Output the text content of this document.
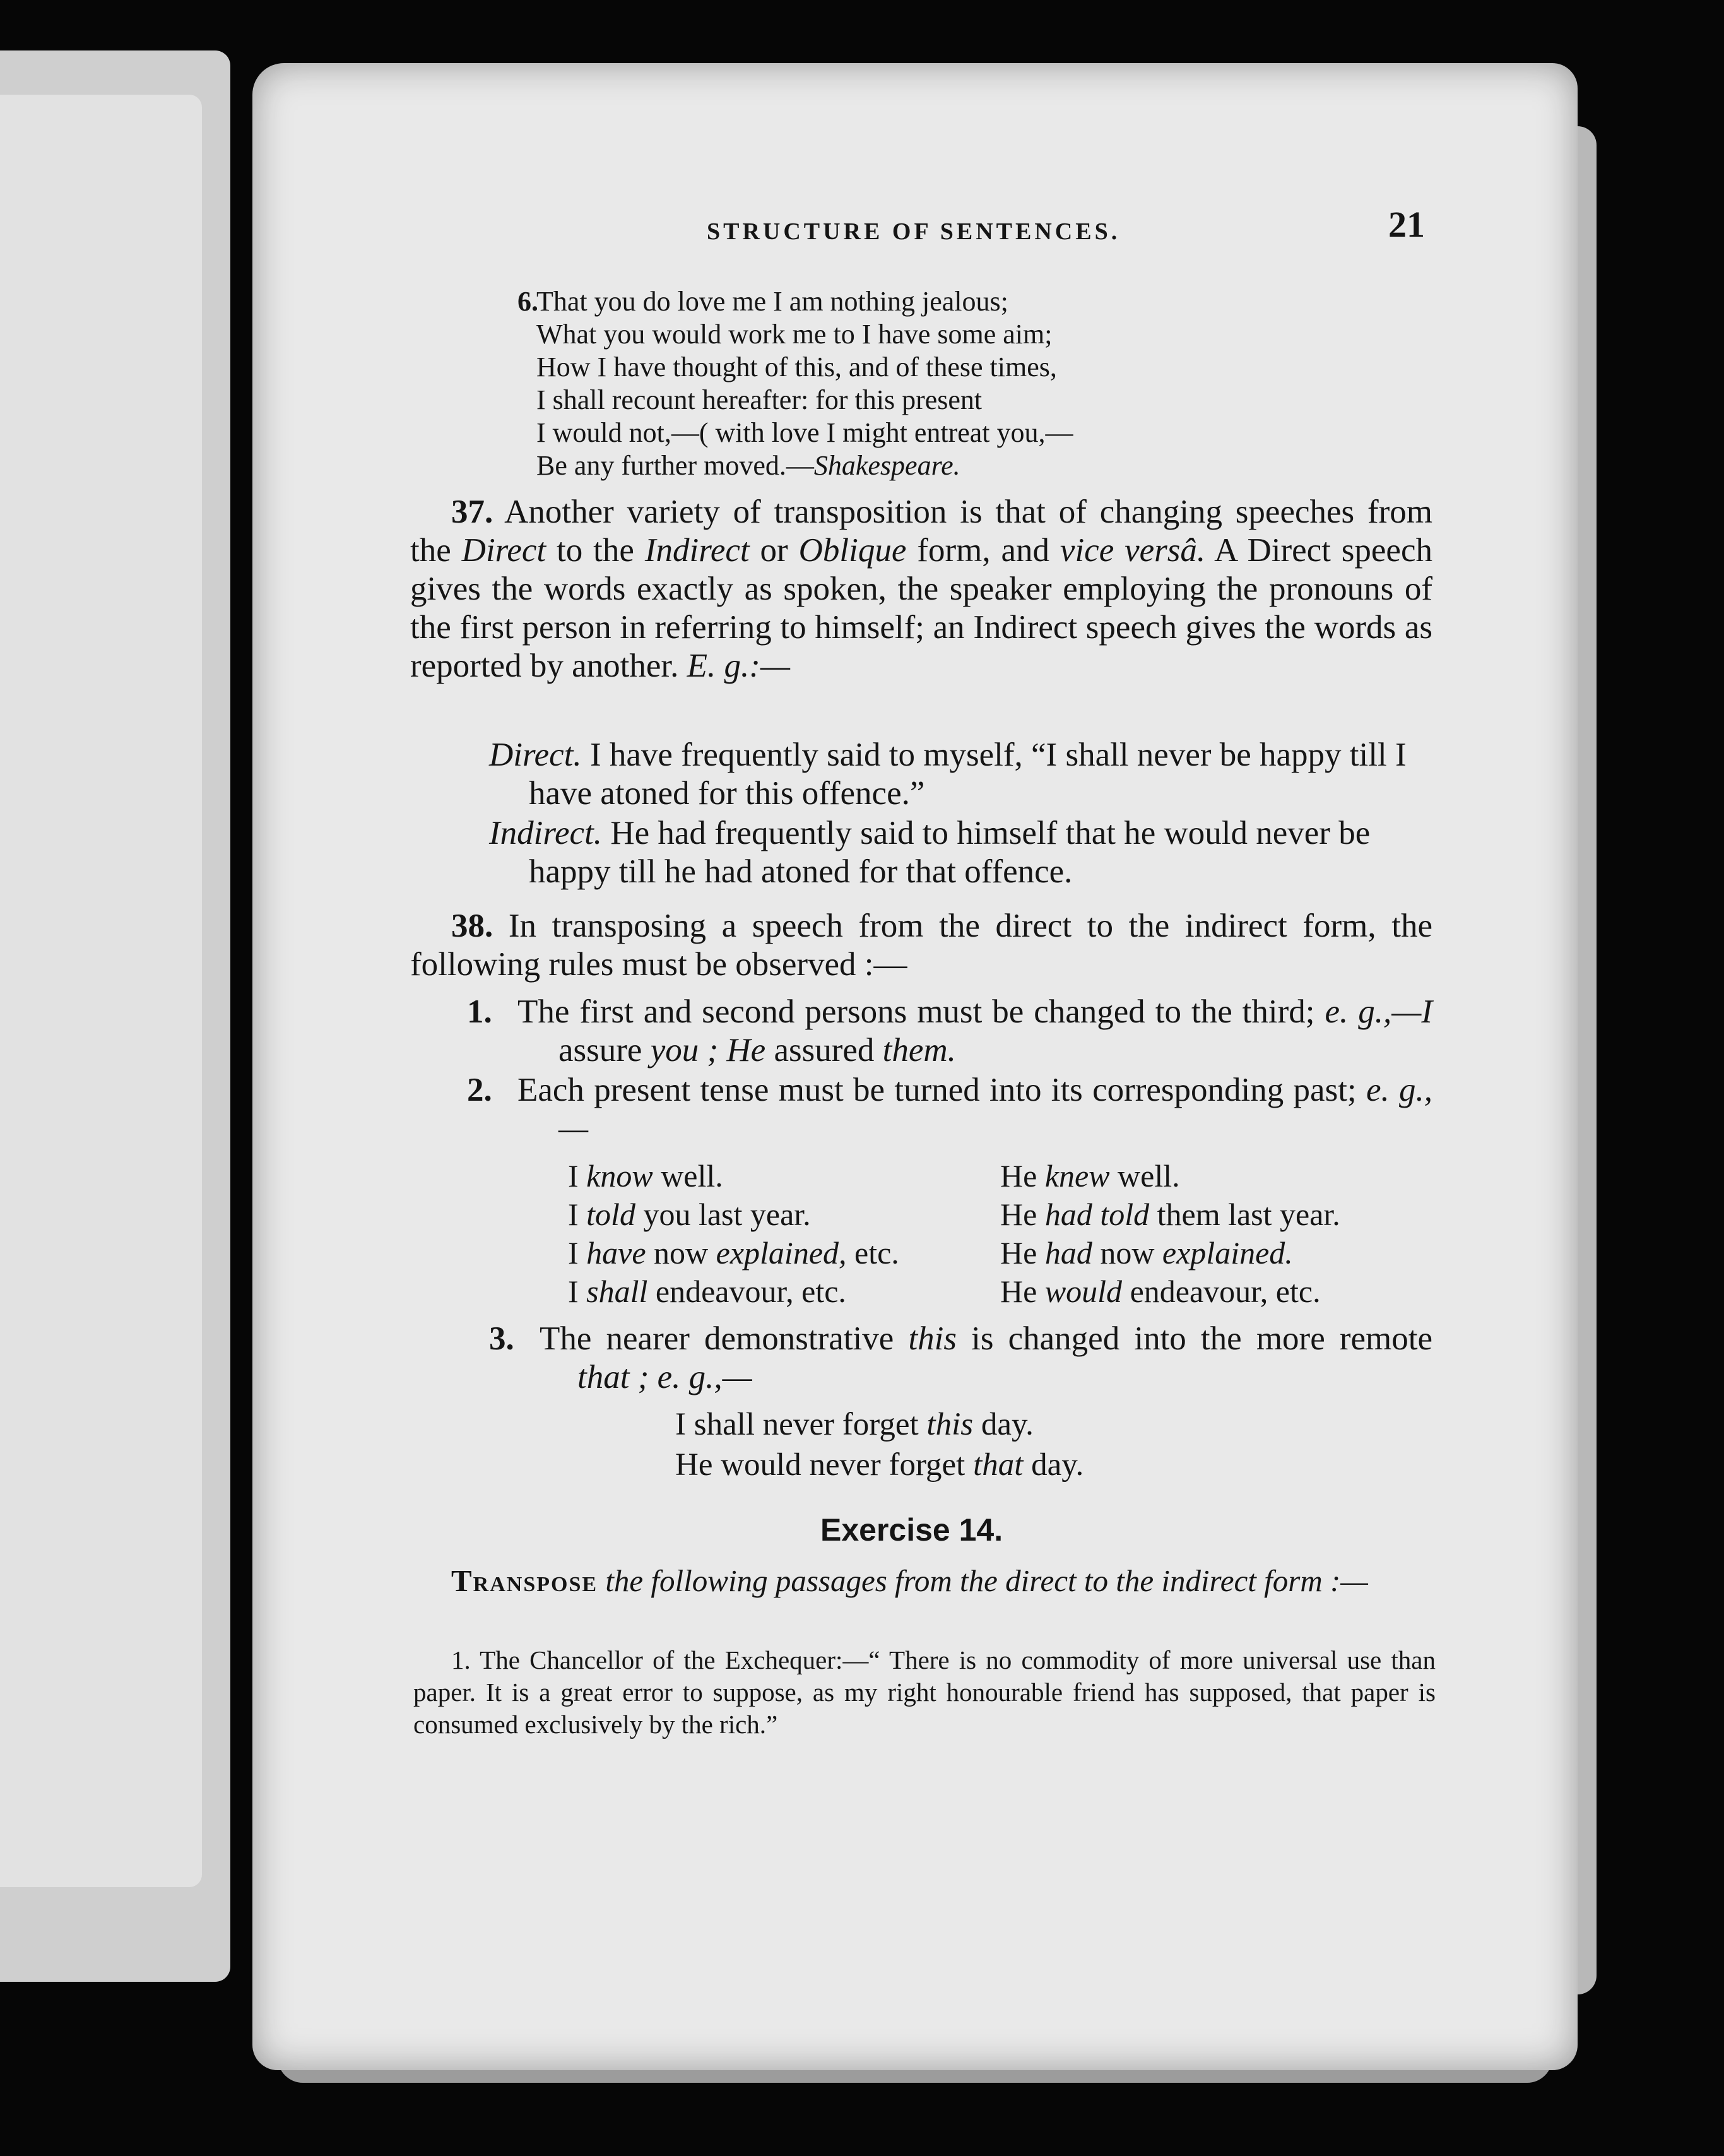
STRUCTURE OF SENTENCES.	21
6.
That you do love me I am nothing jealous;
What you would work me to I have some aim;
How I have thought of this, and of these times,
I shall recount hereafter: for this present
I would not,—( with love I might entreat you,—
Be any further moved.—Shakespeare.
37. Another variety of transposition is that of changing speeches from the Direct to the Indirect or Oblique form, and vice versâ. A Direct speech gives the words exactly as spoken, the speaker employing the pronouns of the first person in referring to himself; an Indirect speech gives the words as reported by another. E. g.:—
Direct. I have frequently said to myself, “I shall never be happy till I have atoned for this offence.”
Indirect. He had frequently said to himself that he would never be happy till he had atoned for that offence.
38. In transposing a speech from the direct to the indirect form, the following rules must be observed :—
1. The first and second persons must be changed to the third; e. g.,—I assure you ; He assured them.
2. Each present tense must be turned into its corresponding past; e. g.,—
I know well.	He knew well.
I told you last year.	He had told them last year.
I have now explained, etc.	He had now explained.
I shall endeavour, etc.	He would endeavour, etc.
3. The nearer demonstrative this is changed into the more remote that ; e. g.,—
I shall never forget this day.
He would never forget that day.
Exercise 14.
Transpose the following passages from the direct to the indirect form :—
1. The Chancellor of the Exchequer:—“ There is no commodity of more universal use than paper. It is a great error to suppose, as my right honourable friend has supposed, that paper is consumed exclusively by the rich.”
